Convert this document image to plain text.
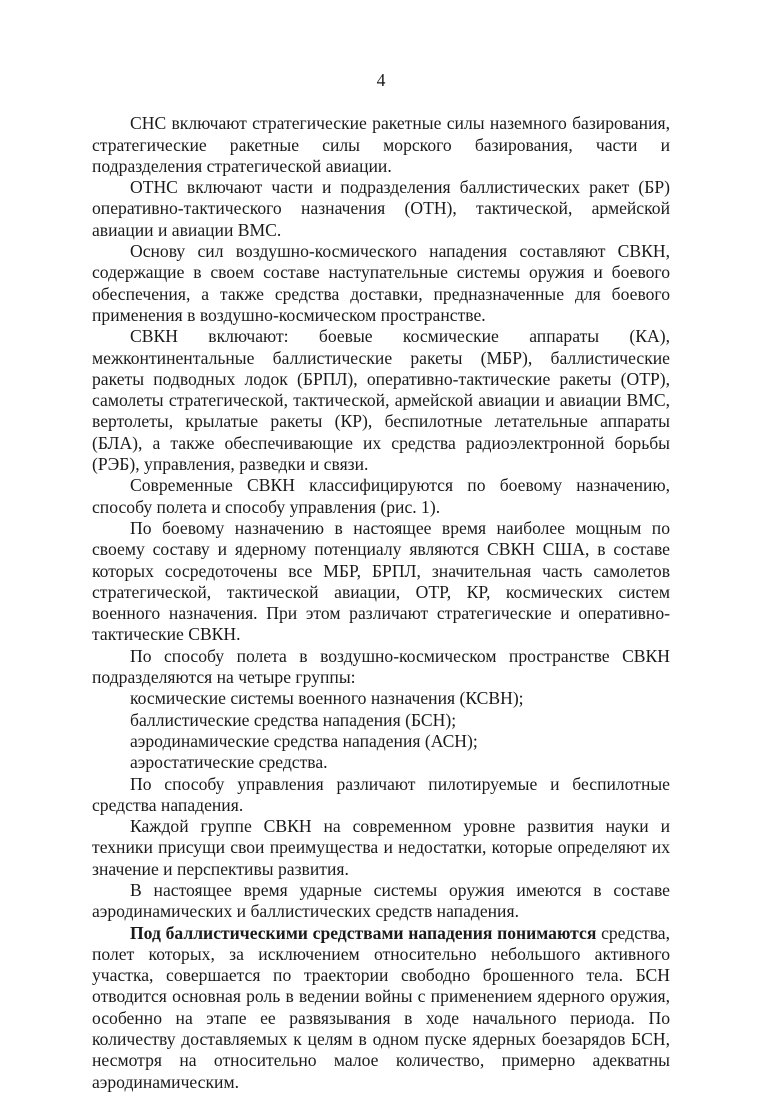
4

СНС включают стратегические ракетные силы наземного базирования, стратегические ракетные силы морского базирования, части и подразделения стратегической авиации.

ОТНС включают части и подразделения баллистических ракет (БР) оперативно-тактического назначения (ОТН), тактической, армейской авиации и авиации ВМС.

Основу сил воздушно-космического нападения составляют СВКН, содержащие в своем составе наступательные системы оружия и боевого обеспечения, а также средства доставки, предназначенные для боевого применения в воздушно-космическом пространстве.

СВКН включают: боевые космические аппараты (КА), межконтинентальные баллистические ракеты (МБР), баллистические ракеты подводных лодок (БРПЛ), оперативно-тактические ракеты (ОТР), самолеты стратегической, тактической, армейской авиации и авиации ВМС, вертолеты, крылатые ракеты (КР), беспилотные летательные аппараты (БЛА), а также обеспечивающие их средства радиоэлектронной борьбы (РЭБ), управления, разведки и связи.

Современные СВКН классифицируются по боевому назначению, способу полета и способу управления (рис. 1).

По боевому назначению в настоящее время наиболее мощным по своему составу и ядерному потенциалу являются СВКН США, в составе которых сосредоточены все МБР, БРПЛ, значительная часть самолетов стратегической, тактической авиации, ОТР, КР, космических систем военного назначения. При этом различают стратегические и оперативно-тактические СВКН.

По способу полета в воздушно-космическом пространстве СВКН подразделяются на четыре группы:

космические системы военного назначения (КСВН);

баллистические средства нападения (БСН);

аэродинамические средства нападения (АСН);

аэростатические средства.

По способу управления различают пилотируемые и беспилотные средства нападения.

Каждой группе СВКН на современном уровне развития науки и техники присущи свои преимущества и недостатки, которые определяют их значение и перспективы развития.

В настоящее время ударные системы оружия имеются в составе аэродинамических и баллистических средств нападения.

Под баллистическими средствами нападения понимаются средства, полет которых, за исключением относительно небольшого активного участка, совершается по траектории свободно брошенного тела. БСН отводится основная роль в ведении войны с применением ядерного оружия, особенно на этапе ее развязывания в ходе начального периода. По количеству доставляемых к целям в одном пуске ядерных боезарядов БСН, несмотря на относительно малое количество, примерно адекватны аэродинамическим.
